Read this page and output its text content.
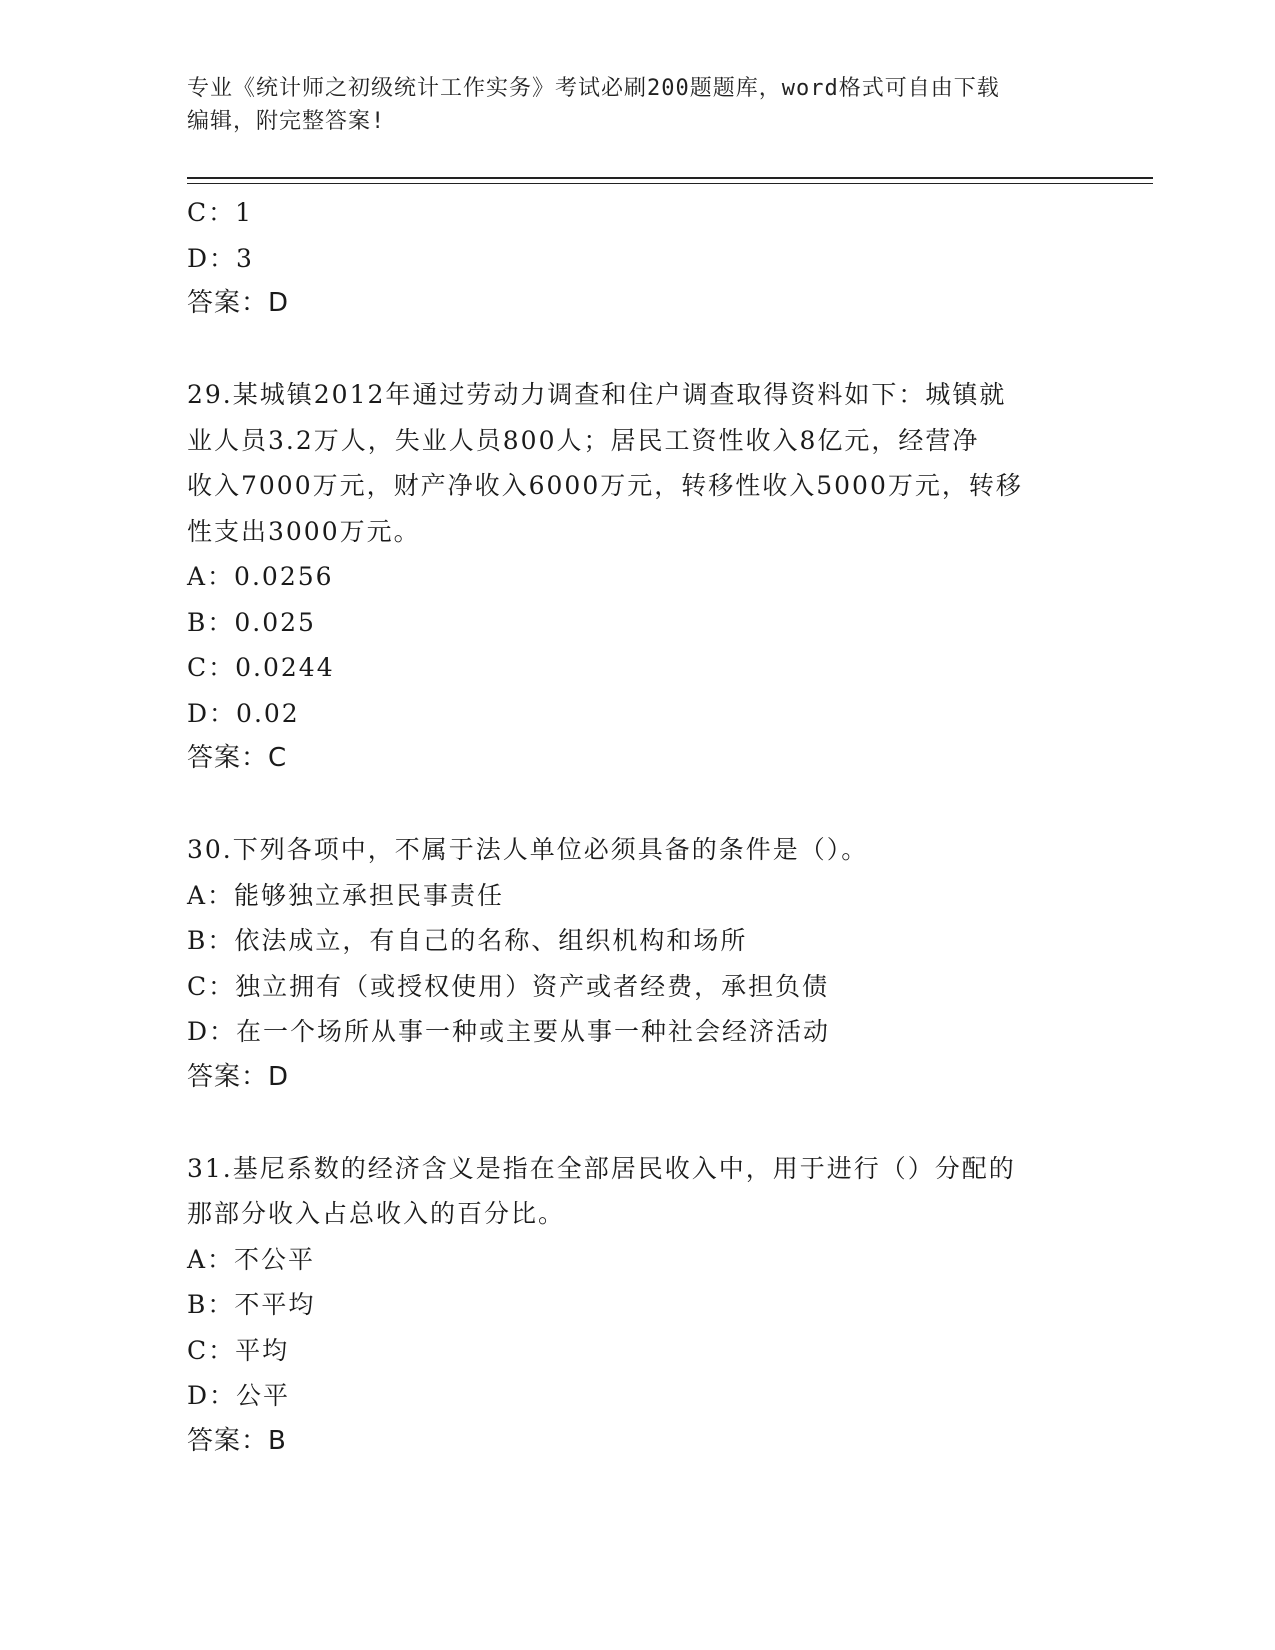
专业《统计师之初级统计工作实务》考试必刷200题题库，word格式可自由下载
编辑，附完整答案!
C：1
D：3
答案：D
29.某城镇2012年通过劳动力调查和住户调查取得资料如下：城镇就
业人员3.2万人，失业人员800人；居民工资性收入8亿元，经营净
收入7000万元，财产净收入6000万元，转移性收入5000万元，转移
性支出3000万元。
A：0.0256
B：0.025
C：0.0244
D：0.02
答案：C
30.下列各项中，不属于法人单位必须具备的条件是（）。
A：能够独立承担民事责任
B：依法成立，有自己的名称、组织机构和场所
C：独立拥有（或授权使用）资产或者经费，承担负债
D：在一个场所从事一种或主要从事一种社会经济活动
答案：D
31.基尼系数的经济含义是指在全部居民收入中，用于进行（）分配的
那部分收入占总收入的百分比。
A：不公平
B：不平均
C：平均
D：公平
答案：B
